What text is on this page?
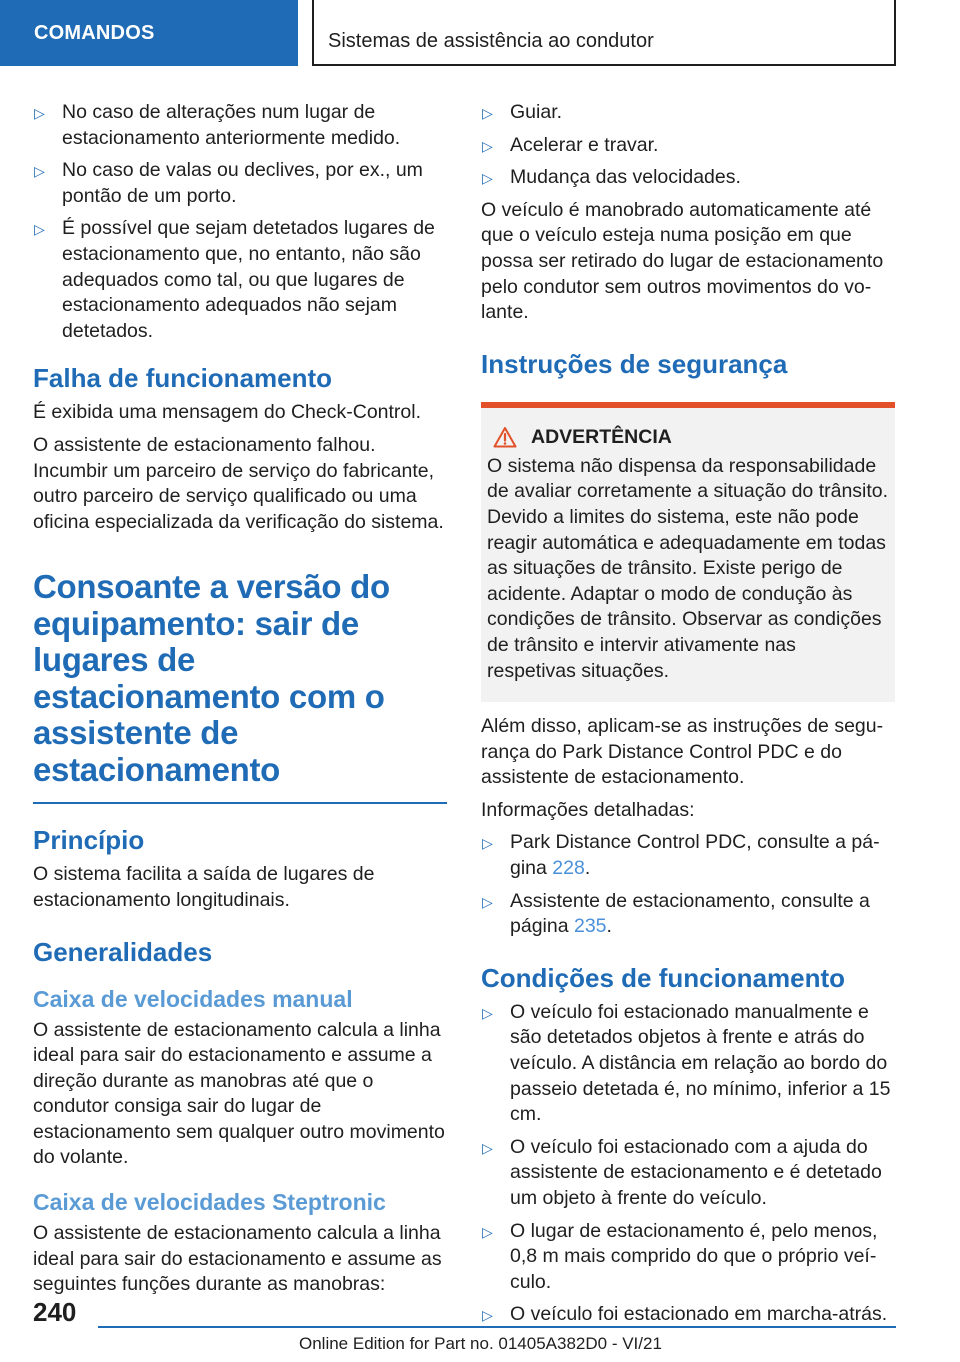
COMANDOS	Sistemas de assistência ao condutor
▷ No caso de alterações num lugar de estacionamento anteriormente medido.
▷ No caso de valas ou declives, por ex., um pontão de um porto.
▷ É possível que sejam detetados lugares de estacionamento que, no entanto, não são adequados como tal, ou que lugares de estacionamento adequados não sejam detetados.
Falha de funcionamento

É exibida uma mensagem do Check-Control.

O assistente de estacionamento falhou. Incumbir um parceiro de serviço do fabricante, outro parceiro de serviço qualificado ou uma oficina especializada da verificação do sistema.

Consoante a versão do equipamento: sair de lugares de estacionamento com o assistente de estacionamento
Princípio

O sistema facilita a saída de lugares de estacionamento longitudinais.

Generalidades
Caixa de velocidades manual

O assistente de estacionamento calcula a linha ideal para sair do estacionamento e assume a direção durante as manobras até que o condutor consiga sair do lugar de estacionamento sem qualquer outro movimento do volante.

Caixa de velocidades Steptronic

O assistente de estacionamento calcula a linha ideal para sair do estacionamento e assume as seguintes funções durante as manobras:

▷ Guiar.
▷ Acelerar e travar.
▷ Mudança das velocidades.

O veículo é manobrado automaticamente até que o veículo esteja numa posição em que possa ser retirado do lugar de estacionamento pelo condutor sem outros movimentos do volante.

Instruções de segurança
ADVERTÊNCIA
O sistema não dispensa da responsabilidade de avaliar corretamente a situação do trânsito. Devido a limites do sistema, este não pode reagir automática e adequadamente em todas as situações de trânsito. Existe perigo de acidente. Adaptar o modo de condução às condições de trânsito. Observar as condições de trânsito e intervir ativamente nas respetivas situações.

Além disso, aplicam-se as instruções de segurança do Park Distance Control PDC e do assistente de estacionamento.

Informações detalhadas:

▷ Park Distance Control PDC, consulte a página 228.
▷ Assistente de estacionamento, consulte a página 235.
Condições de funcionamento
▷ O veículo foi estacionado manualmente e são detetados objetos à frente e atrás do veículo. A distância em relação ao bordo do passeio detetada é, no mínimo, inferior a 15 cm.
▷ O veículo foi estacionado com a ajuda do assistente de estacionamento e é detetado um objeto à frente do veículo.
▷ O lugar de estacionamento é, pelo menos, 0,8 m mais comprido do que o próprio veículo.
▷ O veículo foi estacionado em marcha-atrás.
240
Online Edition for Part no. 01405A382D0 - VI/21
